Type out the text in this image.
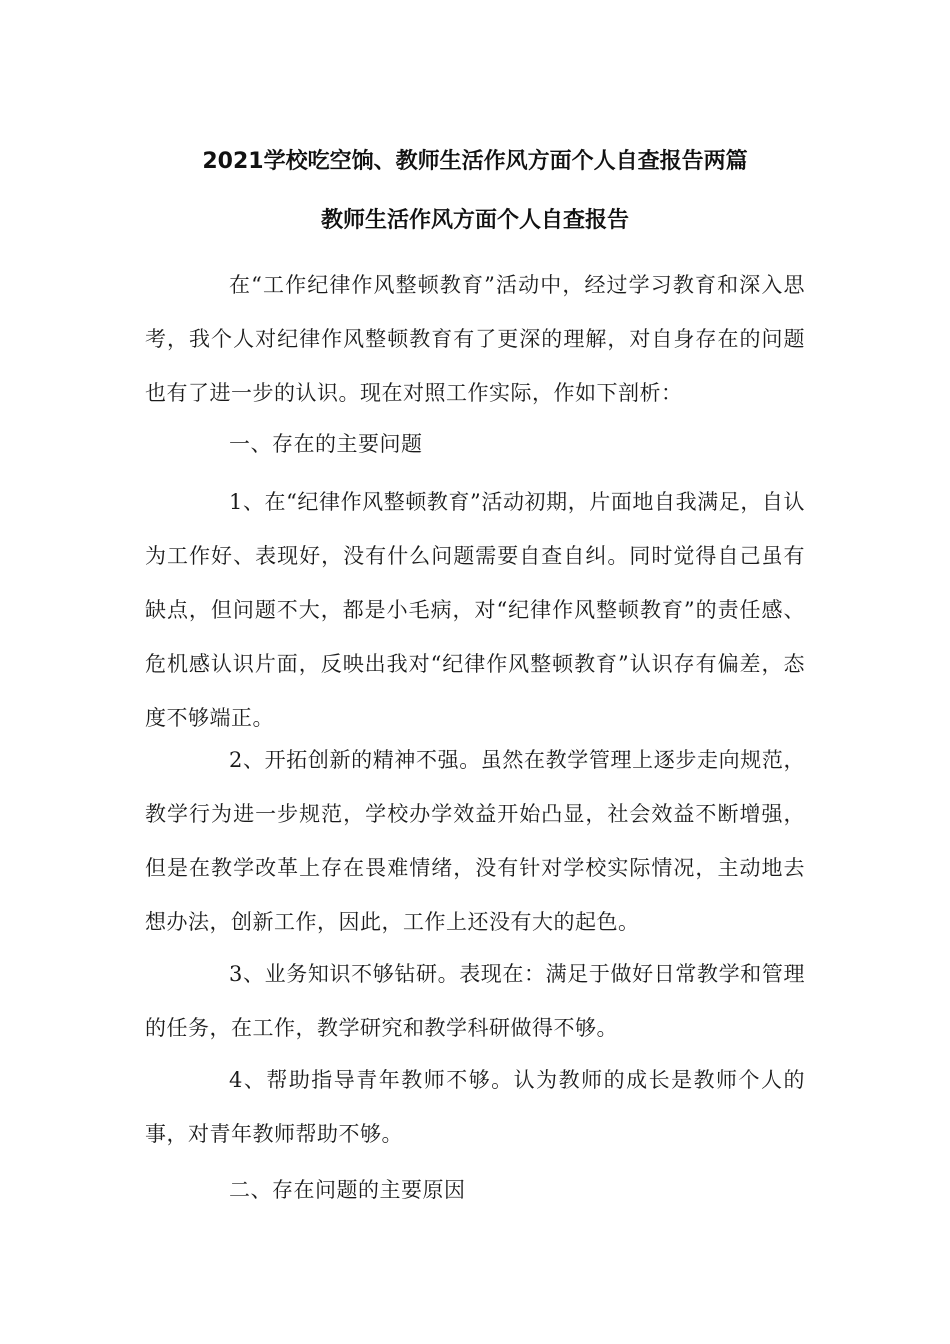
2021学校吃空饷、教师生活作风方面个人自查报告两篇
教师生活作风方面个人自查报告

在“工作纪律作风整顿教育”活动中，经过学习教育和深入思考，我个人对纪律作风整顿教育有了更深的理解，对自身存在的问题也有了进一步的认识。现在对照工作实际，作如下剖析：

一、存在的主要问题

1、在“纪律作风整顿教育”活动初期，片面地自我满足，自认为工作好、表现好，没有什么问题需要自查自纠。同时觉得自己虽有缺点，但问题不大，都是小毛病，对“纪律作风整顿教育”的责任感、危机感认识片面，反映出我对“纪律作风整顿教育”认识存有偏差，态度不够端正。

2、开拓创新的精神不强。虽然在教学管理上逐步走向规范，教学行为进一步规范，学校办学效益开始凸显，社会效益不断增强，但是在教学改革上存在畏难情绪，没有针对学校实际情况，主动地去想办法，创新工作，因此，工作上还没有大的起色。

3、业务知识不够钻研。表现在：满足于做好日常教学和管理的任务，在工作，教学研究和教学科研做得不够。

4、帮助指导青年教师不够。认为教师的成长是教师个人的事，对青年教师帮助不够。

二、存在问题的主要原因
